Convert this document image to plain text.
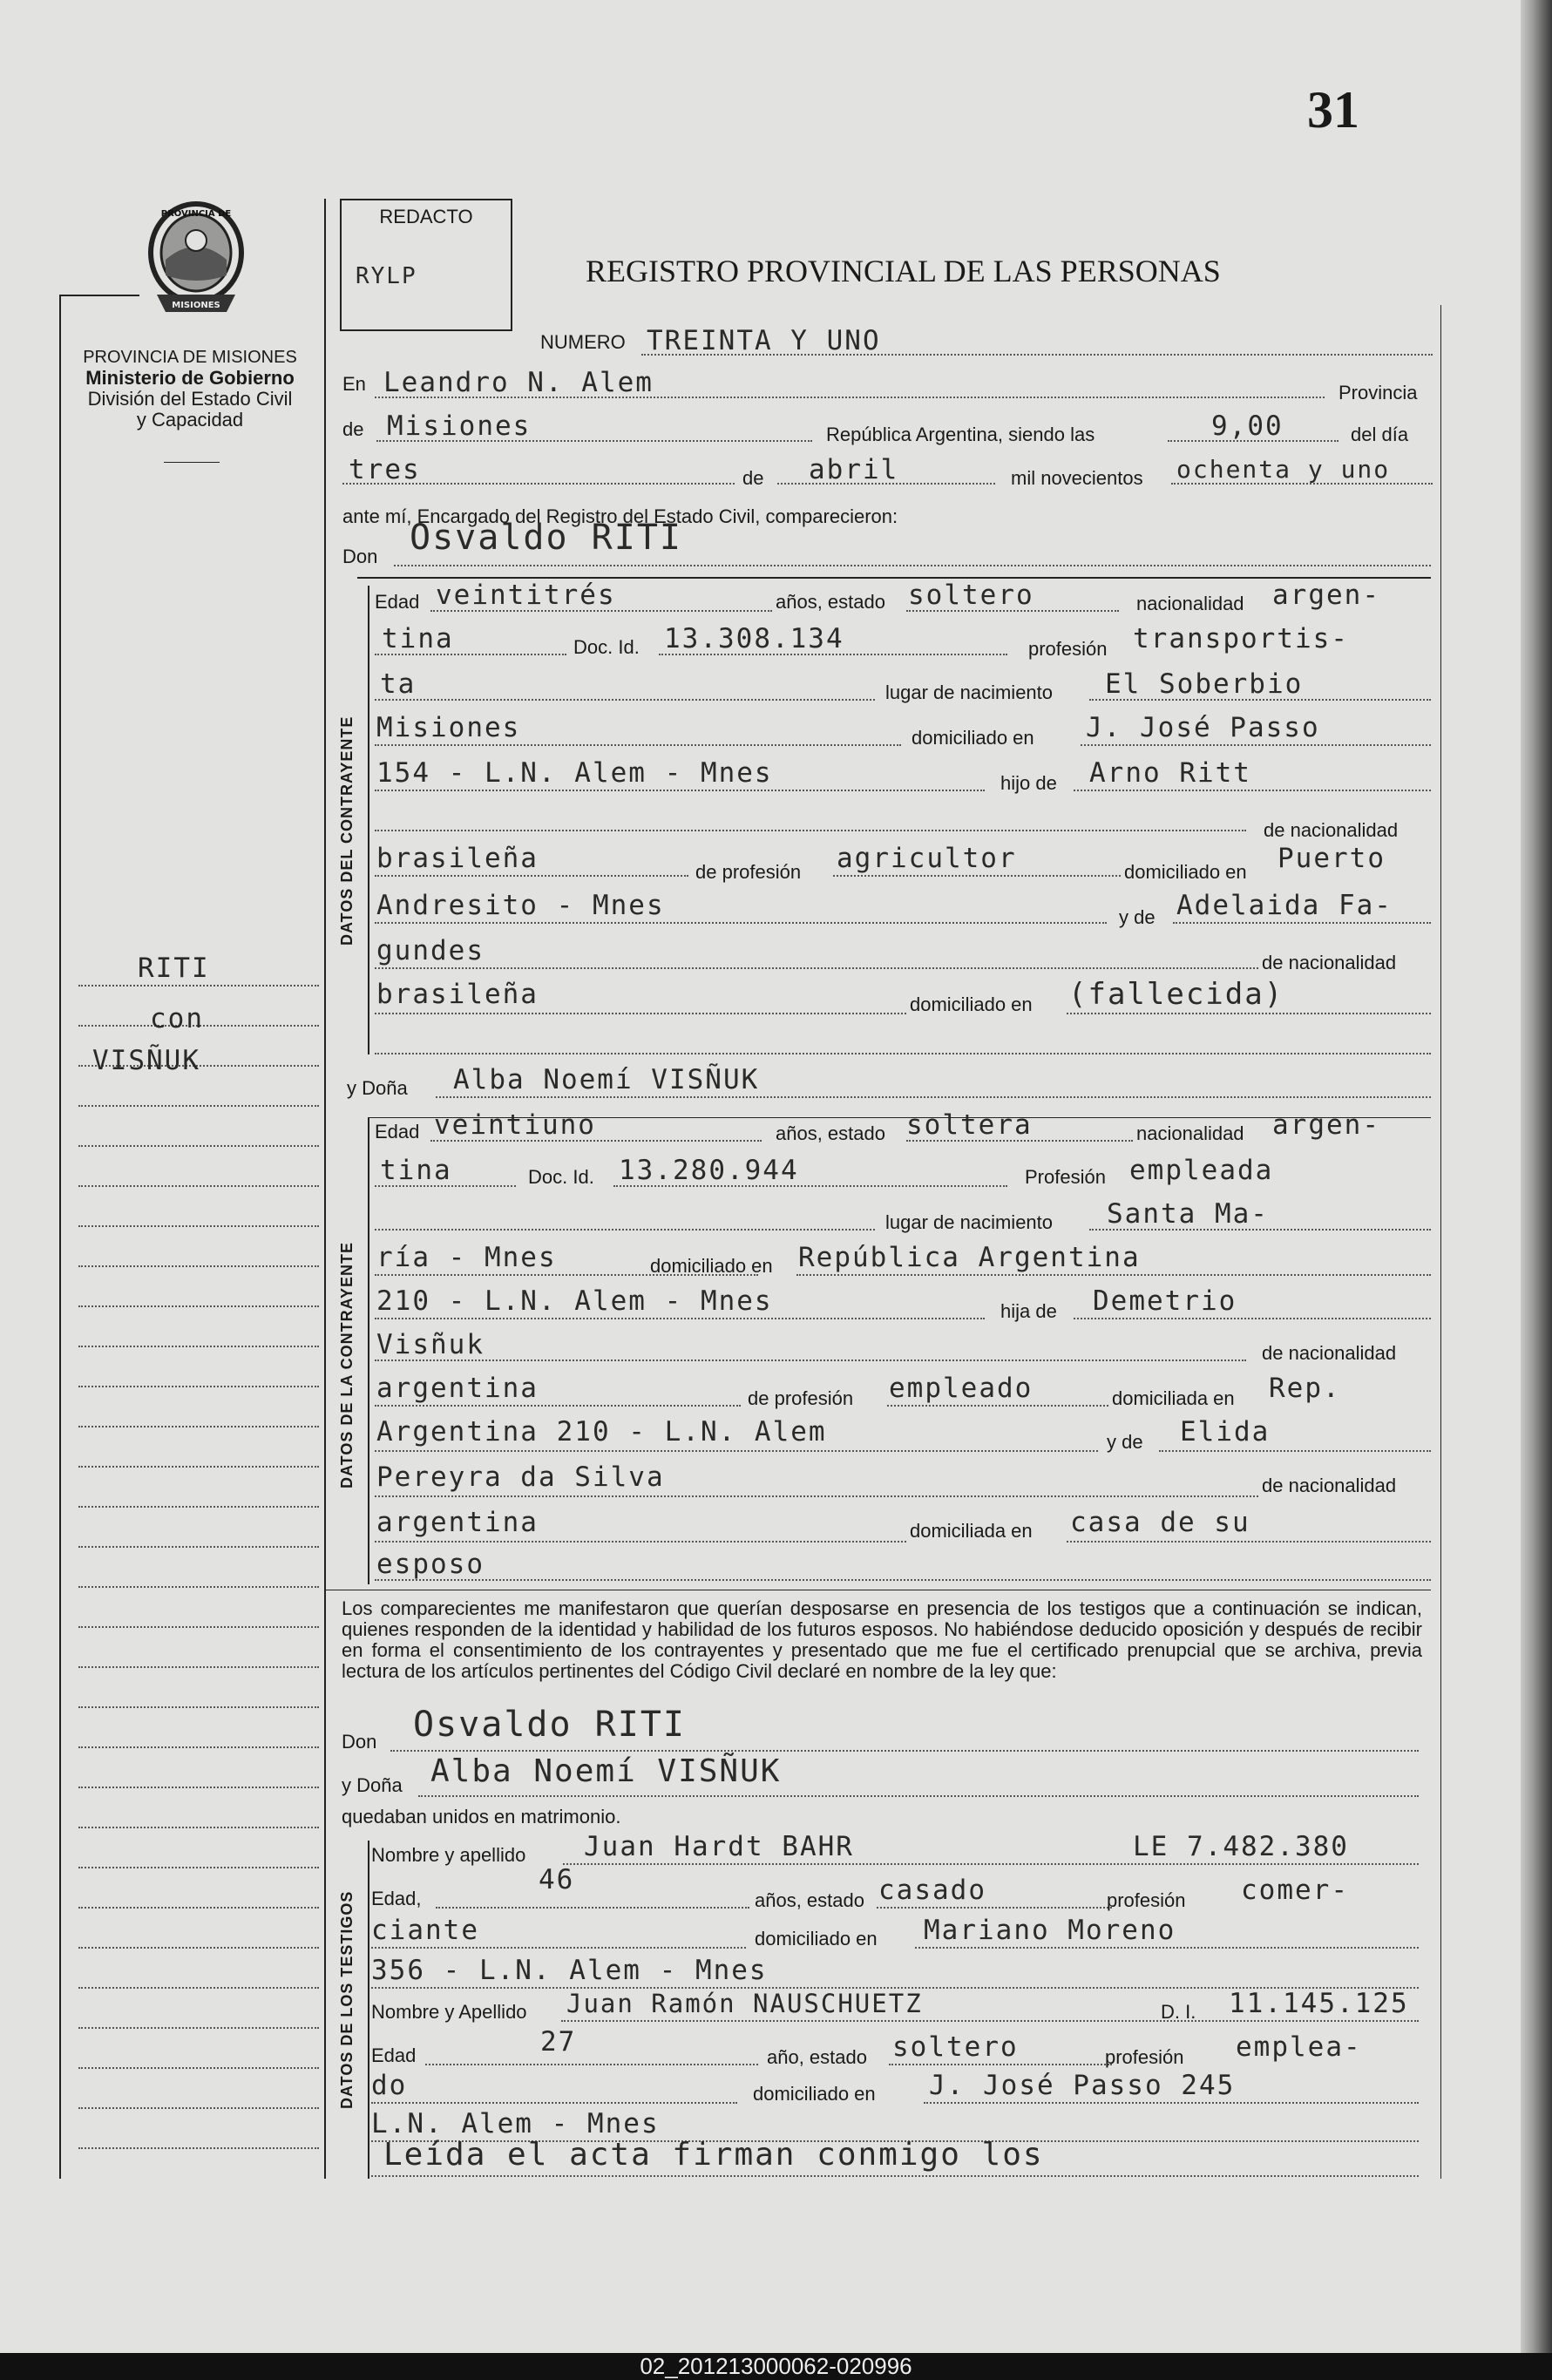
31
PROVINCIA DE
MISIONES
PROVINCIA DE MISIONES
Ministerio de Gobierno
División del Estado Civil
y Capacidad
RITI
con
VISÑUK
REDACTO
RYLP	REGISTRO PROVINCIAL DE LAS PERSONAS
NUMERO TREINTA Y UNO
En Leandro N. Alem	Provincia
de Misiones	República Argentina, siendo las	9,00	del día
tres	de abril	mil novecientos ochenta y uno
ante mí, Encargado del Registro del Estado Civil, comparecieron:
Don Osvaldo RITI
DATOS DEL CONTRAYENTE
Edad veintitrés	años, estado soltero	nacionalidad argen-
tina	Doc. Id. 13.308.134	profesión transportis-
ta	lugar de nacimiento El Soberbio
Misiones	domiciliado en J. José Passo
154 - L.N. Alem - Mnes	hijo de Arno Ritt
de nacionalidad
brasileña	de profesión agricultor	domiciliado en Puerto
Andresito - Mnes	y de Adelaida Fa-
gundes	de nacionalidad
brasileña	domiciliado en (fallecida)
y Doña Alba Noemí VISÑUK
DATOS DE LA CONTRAYENTE
Edad veintiuno	años, estado soltera	nacionalidad argen-
tina	Doc. Id. 13.280.944	Profesión empleada
lugar de nacimiento Santa Ma-
ría - Mnes	domiciliado en República Argentina
210 - L.N. Alem - Mnes	hija de Demetrio
Visñuk	de nacionalidad
argentina	de profesión empleado	domiciliada en Rep.
Argentina 210 - L.N. Alem	y de Elida
Pereyra da Silva	de nacionalidad
argentina	domiciliada en casa de su
esposo
Los comparecientes me manifestaron que querían desposarse en presencia de los testigos que a continuación se indican, quienes responden de la identidad y habilidad de los futuros esposos. No habiéndose deducido oposición y después de recibir en forma el consentimiento de los contrayentes y presentado que me fue el certificado prenupcial que se archiva, previa lectura de los artículos pertinentes del Código Civil declaré en nombre de la ley que:
Don Osvaldo RITI
y Doña Alba Noemí VISÑUK
quedaban unidos en matrimonio.
DATOS DE LOS TESTIGOS
Nombre y apellido Juan Hardt BAHR	LE 7.482.380
Edad,
46
años, estado casado	profesión comer-
ciante	domiciliado en Mariano Moreno
356 - L.N. Alem - Mnes
Nombre y Apellido Juan Ramón NAUSCHUETZ	D. I. 11.145.125
Edad	27	año, estado soltero	profesión emplea-
do	domiciliado en J. José Passo 245
L.N. Alem - Mnes
Leída el acta firman conmigo los
02_201213000062-020996
